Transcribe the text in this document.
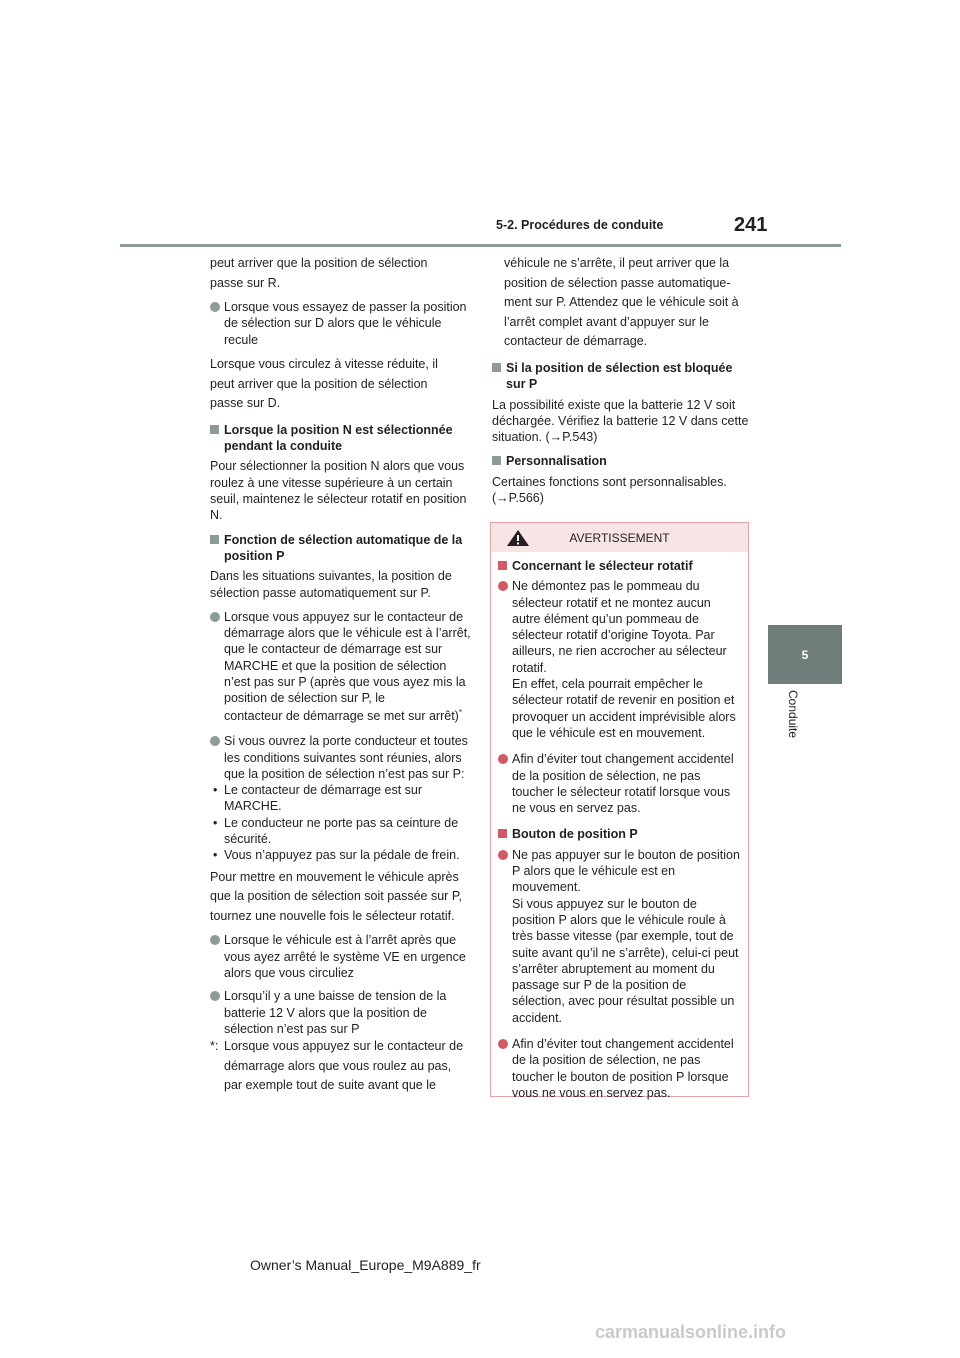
5-2. Procédures de conduite	241
5
Conduite
peut arriver que la position de sélection
passe sur R.
Lorsque vous essayez de passer la position de sélection sur D alors que le véhicule recule
Lorsque vous circulez à vitesse réduite, il
peut arriver que la position de sélection
passe sur D.
Lorsque la position N est sélectionnée pendant la conduite

Pour sélectionner la position N alors que vous roulez à une vitesse supérieure à un certain seuil, maintenez le sélecteur rotatif en position N.

Fonction de sélection automatique de la position P

Dans les situations suivantes, la position de sélection passe automatiquement sur P.

Lorsque vous appuyez sur le contacteur de démarrage alors que le véhicule est à l’arrêt, que le contacteur de démarrage est sur MARCHE et que la position de sélection n’est pas sur P (après que vous ayez mis la position de sélection sur P, le
contacteur de démarrage se met sur arrêt)*
Si vous ouvrez la porte conducteur et toutes les conditions suivantes sont réunies, alors que la position de sélection n’est pas sur P:
• Le contacteur de démarrage est sur MARCHE.
• Le conducteur ne porte pas sa ceinture de sécurité.
• Vous n’appuyez pas sur la pédale de frein.
Pour mettre en mouvement le véhicule après
que la position de sélection soit passée sur P,
tournez une nouvelle fois le sélecteur rotatif.
Lorsque le véhicule est à l’arrêt après que vous ayez arrêté le système VE en urgence alors que vous circuliez
Lorsqu’il y a une baisse de tension de la batterie 12 V alors que la position de sélection n’est pas sur P
*: Lorsque vous appuyez sur le contacteur de
démarrage alors que vous roulez au pas,
par exemple tout de suite avant que le
véhicule ne s’arrête, il peut arriver que la
position de sélection passe automatique-
ment sur P. Attendez que le véhicule soit à
l’arrêt complet avant d’appuyer sur le
contacteur de démarrage.
Si la position de sélection est bloquée sur P

La possibilité existe que la batterie 12 V soit déchargée. Vérifiez la batterie 12 V dans cette situation. (→P.543)

Personnalisation

Certaines fonctions sont personnalisables. (→P.566)

AVERTISSEMENT
Concernant le sélecteur rotatif
Ne démontez pas le pommeau du sélecteur rotatif et ne montez aucun autre élément qu’un pommeau de sélecteur rotatif d’origine Toyota. Par ailleurs, ne rien accrocher au sélecteur rotatif.
En effet, cela pourrait empêcher le sélecteur rotatif de revenir en position et provoquer un accident imprévisible alors que le véhicule est en mouvement.
Afin d’éviter tout changement accidentel de la position de sélection, ne pas toucher le sélecteur rotatif lorsque vous ne vous en servez pas.
Bouton de position P
Ne pas appuyer sur le bouton de position P alors que le véhicule est en mouvement.
Si vous appuyez sur le bouton de position P alors que le véhicule roule à très basse vitesse (par exemple, tout de suite avant qu’il ne s’arrête), celui-ci peut s’arrêter abruptement au moment du passage sur P de la position de sélection, avec pour résultat possible un accident.
Afin d’éviter tout changement accidentel de la position de sélection, ne pas toucher le bouton de position P lorsque vous ne vous en servez pas.
Owner’s Manual_Europe_M9A889_fr
carmanualsonline.info
